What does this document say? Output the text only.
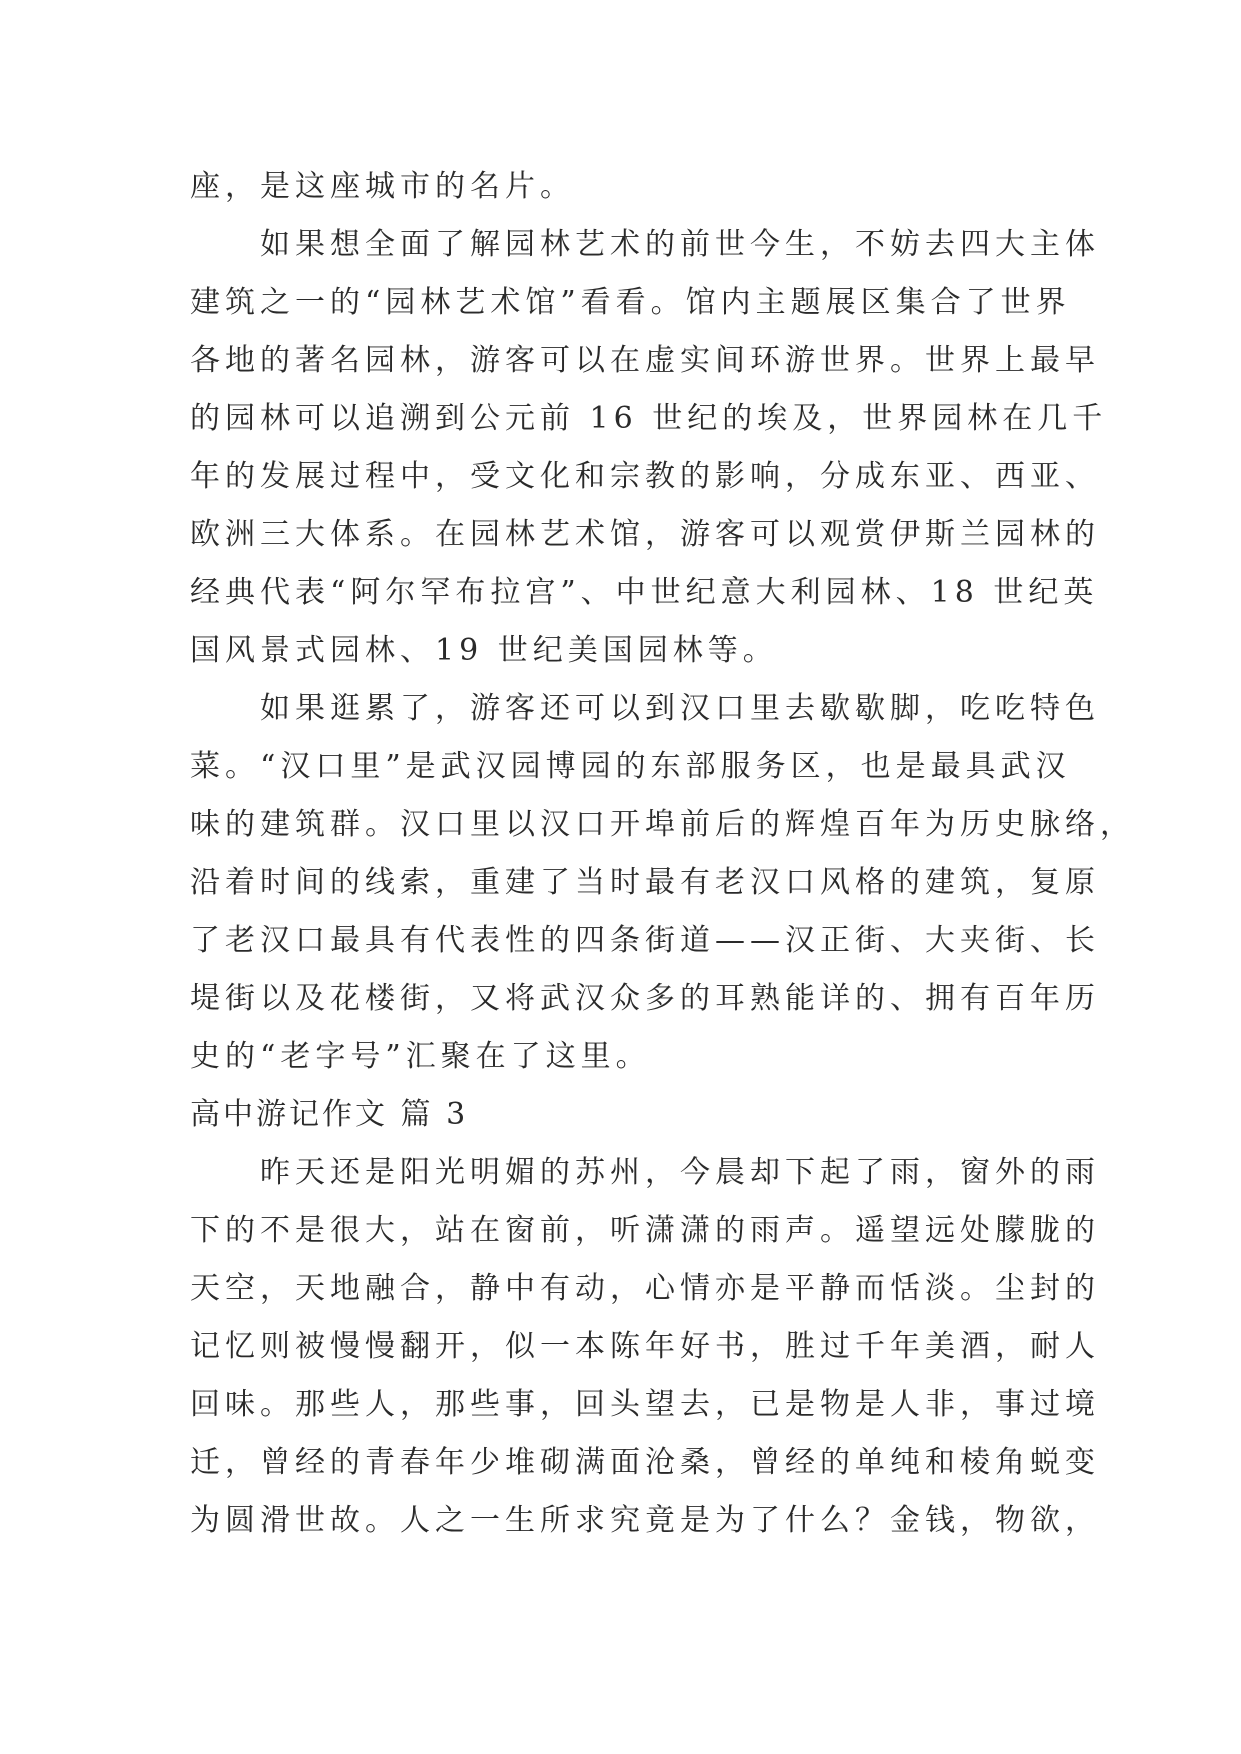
座，是这座城市的名片。
如果想全面了解园林艺术的前世今生，不妨去四大主体
建筑之一的“园林艺术馆”看看。馆内主题展区集合了世界
各地的著名园林，游客可以在虚实间环游世界。世界上最早
的园林可以追溯到公元前 16 世纪的埃及，世界园林在几千
年的发展过程中，受文化和宗教的影响，分成东亚、西亚、
欧洲三大体系。在园林艺术馆，游客可以观赏伊斯兰园林的
经典代表“阿尔罕布拉宫”、中世纪意大利园林、18 世纪英
国风景式园林、19 世纪美国园林等。
如果逛累了，游客还可以到汉口里去歇歇脚，吃吃特色
菜。“汉口里”是武汉园博园的东部服务区，也是最具武汉
味的建筑群。汉口里以汉口开埠前后的辉煌百年为历史脉络，
沿着时间的线索，重建了当时最有老汉口风格的建筑，复原
了老汉口最具有代表性的四条街道——汉正街、大夹街、长
堤街以及花楼街，又将武汉众多的耳熟能详的、拥有百年历
史的“老字号”汇聚在了这里。
高中游记作文 篇 3
昨天还是阳光明媚的苏州，今晨却下起了雨，窗外的雨
下的不是很大，站在窗前，听潇潇的雨声。遥望远处朦胧的
天空，天地融合，静中有动，心情亦是平静而恬淡。尘封的
记忆则被慢慢翻开，似一本陈年好书，胜过千年美酒，耐人
回味。那些人，那些事，回头望去，已是物是人非，事过境
迁，曾经的青春年少堆砌满面沧桑，曾经的单纯和棱角蜕变
为圆滑世故。人之一生所求究竟是为了什么？金钱，物欲，
